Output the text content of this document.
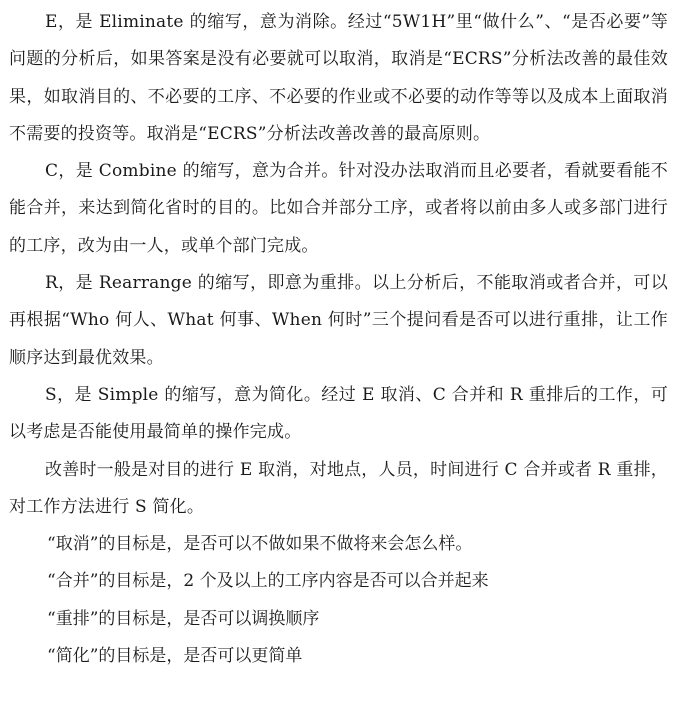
E，是 Eliminate 的缩写，意为消除。经过“5W1H”里“做什么”、“是否必要”等问题的分析后，如果答案是没有必要就可以取消，取消是“ECRS”分析法改善的最佳效果，如取消目的、不必要的工序、不必要的作业或不必要的动作等等以及成本上面取消不需要的投资等。取消是“ECRS”分析法改善改善的最高原则。

C，是 Combine 的缩写，意为合并。针对没办法取消而且必要者，看就要看能不能合并，来达到简化省时的目的。比如合并部分工序，或者将以前由多人或多部门进行的工序，改为由一人，或单个部门完成。

R，是 Rearrange 的缩写，即意为重排。以上分析后，不能取消或者合并，可以再根据“Who 何人、What 何事、When 何时”三个提问看是否可以进行重排，让工作顺序达到最优效果。

S，是 Simple 的缩写，意为简化。经过 E 取消、C 合并和 R 重排后的工作，可以考虑是否能使用最简单的操作完成。

改善时一般是对目的进行 E 取消，对地点，人员，时间进行 C 合并或者 R 重排，对工作方法进行 S 简化。

“取消”的目标是，是否可以不做如果不做将来会怎么样。

“合并”的目标是，2 个及以上的工序内容是否可以合并起来

“重排”的目标是，是否可以调换顺序

“简化”的目标是，是否可以更简单
